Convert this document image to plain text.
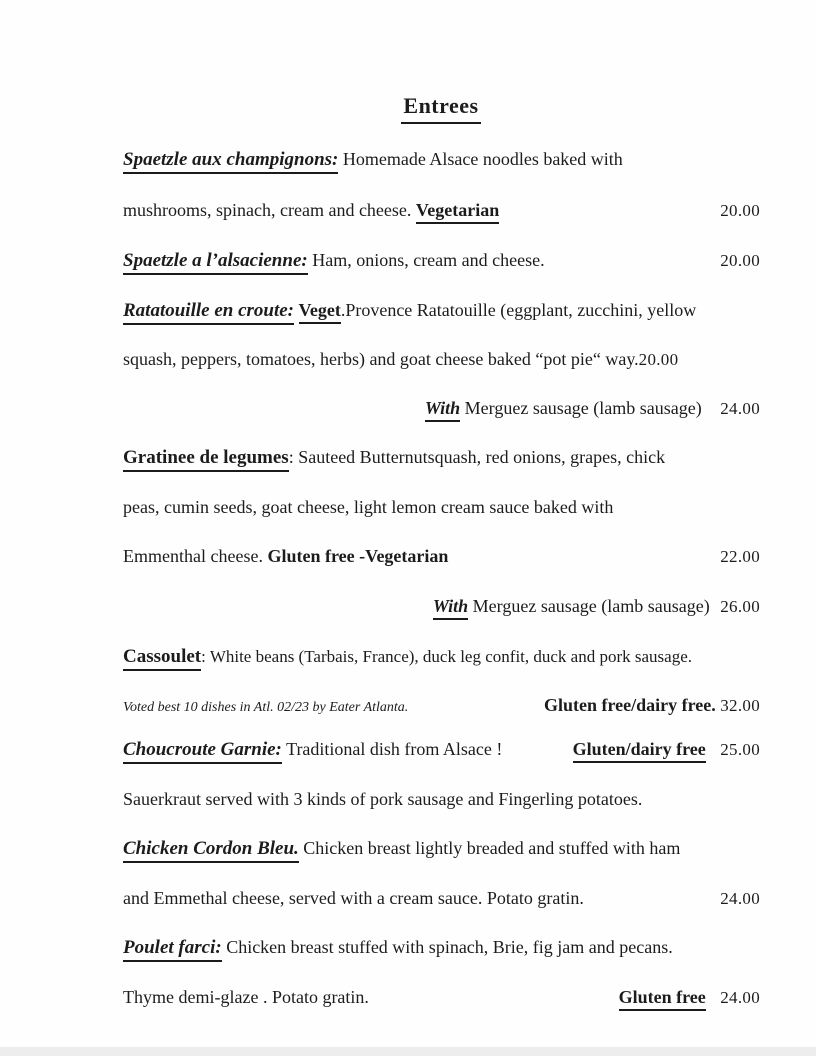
Entrees
Spaetzle aux champignons: Homemade Alsace noodles baked with
mushrooms, spinach, cream and cheese. Vegetarian	20.00
Spaetzle a l’alsacienne: Ham, onions, cream and cheese.	20.00
Ratatouille en croute: Veget.Provence Ratatouille (eggplant, zucchini, yellow
squash, peppers, tomatoes, herbs) and goat cheese baked “pot pie“ way.20.00
With Merguez sausage (lamb sausage) 24.00
Gratinee de legumes: Sauteed Butternutsquash, red onions, grapes, chick
peas, cumin seeds, goat cheese, light lemon cream sauce baked with
Emmenthal cheese. Gluten free -Vegetarian	22.00
With Merguez sausage (lamb sausage) 26.00
Cassoulet: White beans (Tarbais, France), duck leg confit, duck and pork sausage.
Voted best 10 dishes in Atl. 02/23 by Eater Atlanta.	Gluten free/dairy free. 32.00
Choucroute Garnie: Traditional dish from Alsace !	Gluten/dairy free 25.00
Sauerkraut served with 3 kinds of pork sausage and Fingerling potatoes.
Chicken Cordon Bleu. Chicken breast lightly breaded and stuffed with ham
and Emmethal cheese, served with a cream sauce. Potato gratin.	24.00
Poulet farci: Chicken breast stuffed with spinach, Brie, fig jam and pecans.
Thyme demi-glaze . Potato gratin.	Gluten free 24.00
